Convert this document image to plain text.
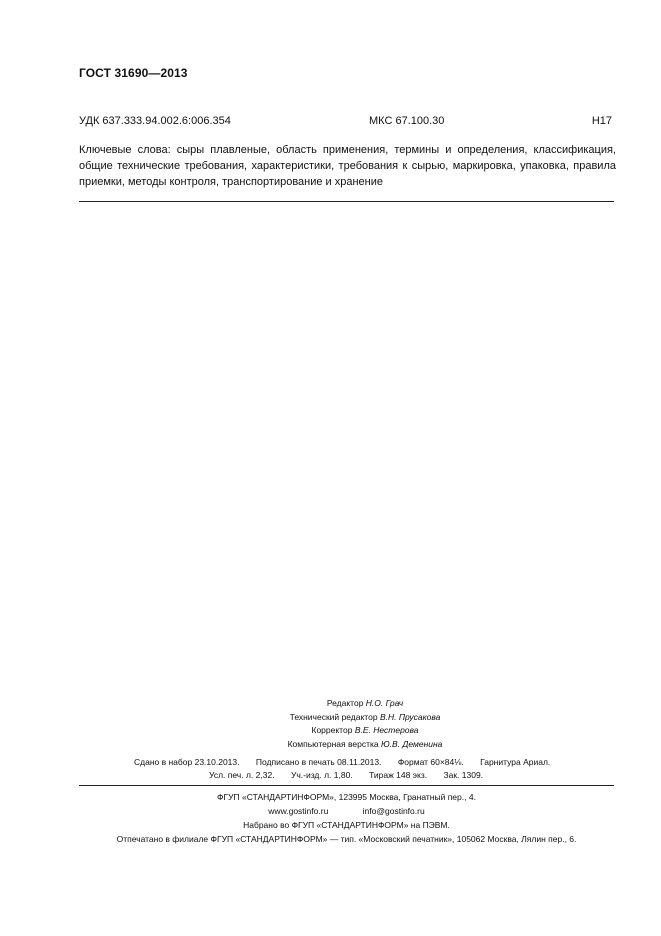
ГОСТ 31690—2013
УДК 637.333.94.002.6:006.354	МКС 67.100.30	Н17
Ключевые слова: сыры плавленые, область применения, термины и определения, классификация,
общие технические требования, характеристики, требования к сырью, маркировка, упаковка, правила
приемки, методы контроля, транспортирование и хранение
Редактор Н.О. Грач
Технический редактор В.Н. Прусакова
Корректор В.Е. Нестерова
Компьютерная верстка Ю.В. Деменина
Сдано в набор 23.10.2013. Подписано в печать 08.11.2013. Формат 60×84⅛. Гарнитура Ариал.
Усл. печ. л. 2,32. Уч.-изд. л. 1,80. Тираж 148 экз. Зак. 1309.
ФГУП «СТАНДАРТИНФОРМ», 123995 Москва, Гранатный пер., 4.
www.gostinfo.ru	info@gostinfo.ru
Набрано во ФГУП «СТАНДАРТИНФОРМ» на ПЭВМ.
Отпечатано в филиале ФГУП «СТАНДАРТИНФОРМ» — тип. «Московский печатник», 105062 Москва, Лялин пер., 6.
